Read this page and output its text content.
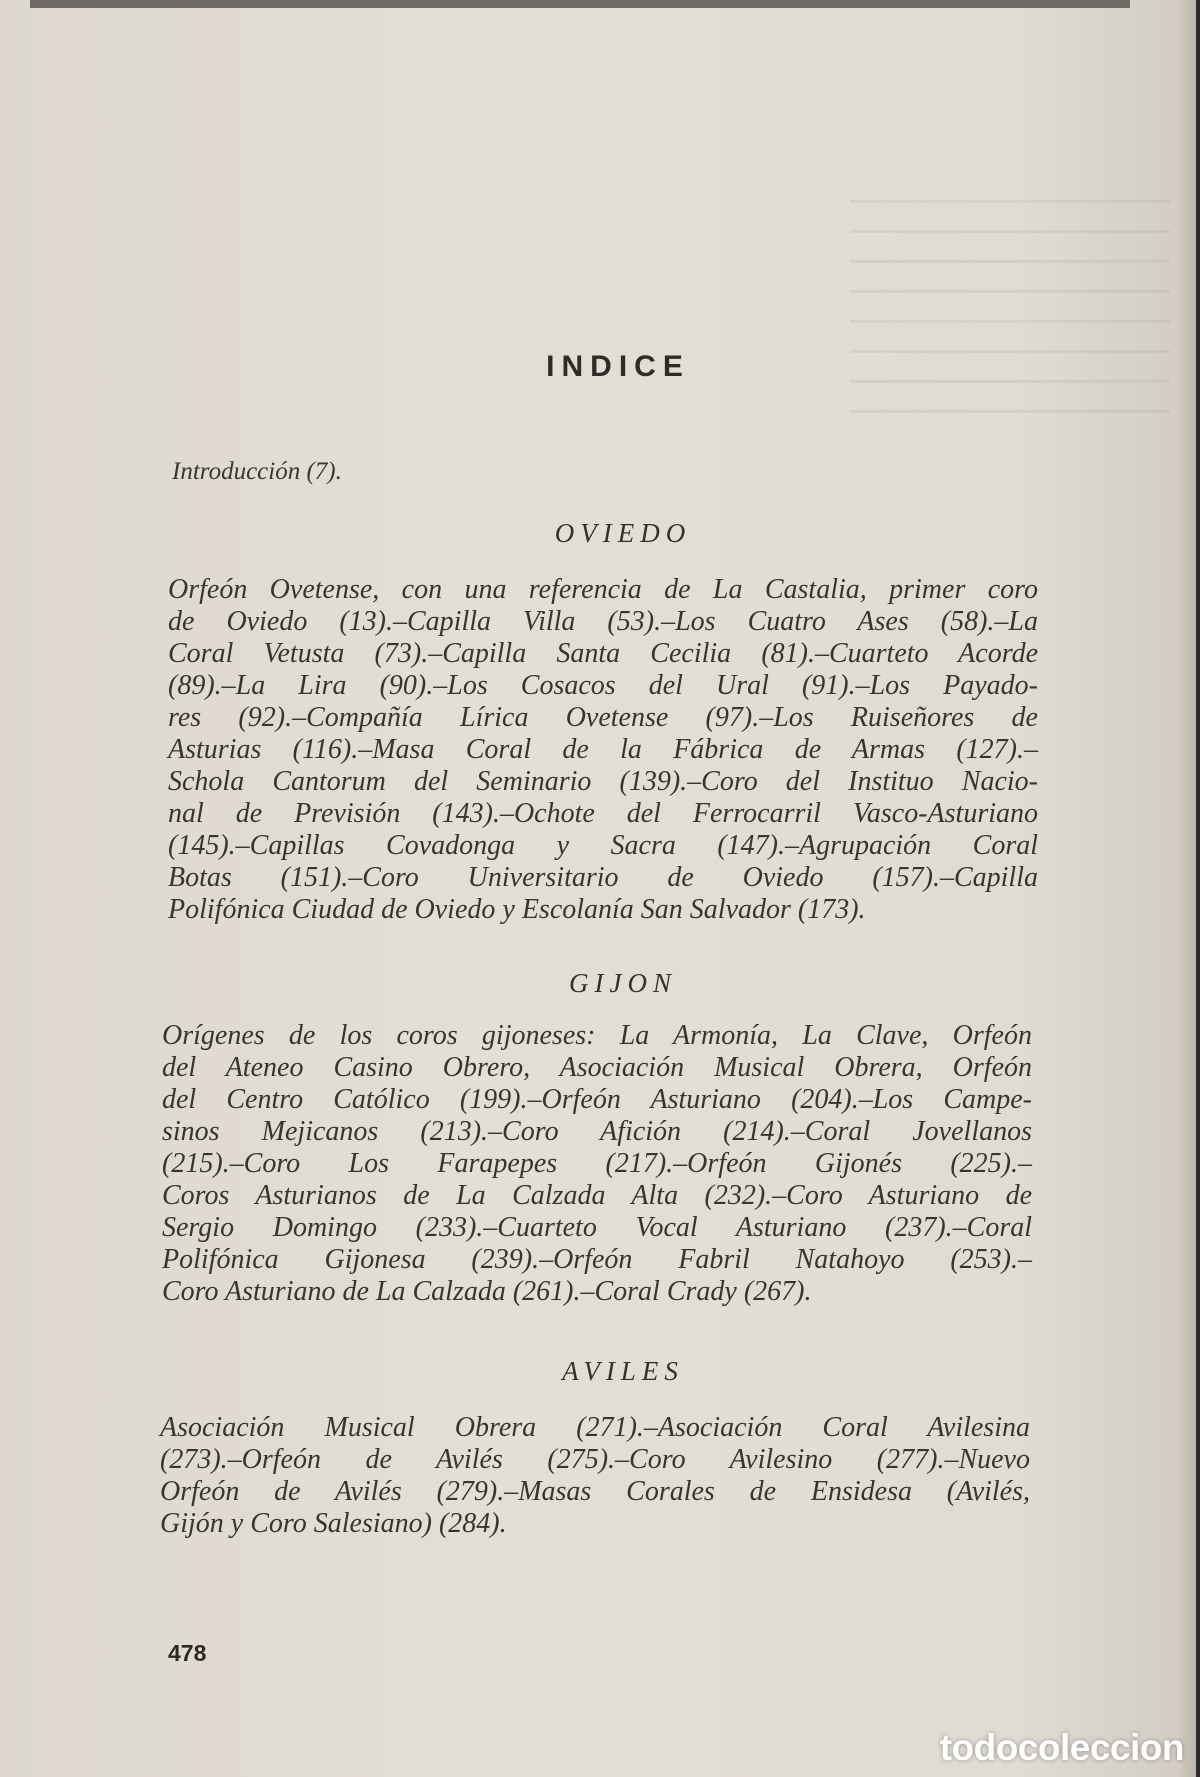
INDICE
Introducción (7).
OVIEDO
Orfeón Ovetense, con una referencia de La Castalia, primer coro
de Oviedo (13).–Capilla Villa (53).–Los Cuatro Ases (58).–La
Coral Vetusta (73).–Capilla Santa Cecilia (81).–Cuarteto Acorde
(89).–La Lira (90).–Los Cosacos del Ural (91).–Los Payado-
res (92).–Compañía Lírica Ovetense (97).–Los Ruiseñores de
Asturias (116).–Masa Coral de la Fábrica de Armas (127).–
Schola Cantorum del Seminario (139).–Coro del Instituo Nacio-
nal de Previsión (143).–Ochote del Ferrocarril Vasco-Asturiano
(145).–Capillas Covadonga y Sacra (147).–Agrupación Coral
Botas (151).–Coro Universitario de Oviedo (157).–Capilla
Polifónica Ciudad de Oviedo y Escolanía San Salvador (173).
GIJON
Orígenes de los coros gijoneses: La Armonía, La Clave, Orfeón
del Ateneo Casino Obrero, Asociación Musical Obrera, Orfeón
del Centro Católico (199).–Orfeón Asturiano (204).–Los Campe-
sinos Mejicanos (213).–Coro Afición (214).–Coral Jovellanos
(215).–Coro Los Farapepes (217).–Orfeón Gijonés (225).–
Coros Asturianos de La Calzada Alta (232).–Coro Asturiano de
Sergio Domingo (233).–Cuarteto Vocal Asturiano (237).–Coral
Polifónica Gijonesa (239).–Orfeón Fabril Natahoyo (253).–
Coro Asturiano de La Calzada (261).–Coral Crady (267).
AVILES
Asociación Musical Obrera (271).–Asociación Coral Avilesina
(273).–Orfeón de Avilés (275).–Coro Avilesino (277).–Nuevo
Orfeón de Avilés (279).–Masas Corales de Ensidesa (Avilés,
Gijón y Coro Salesiano) (284).
478
todocoleccion
